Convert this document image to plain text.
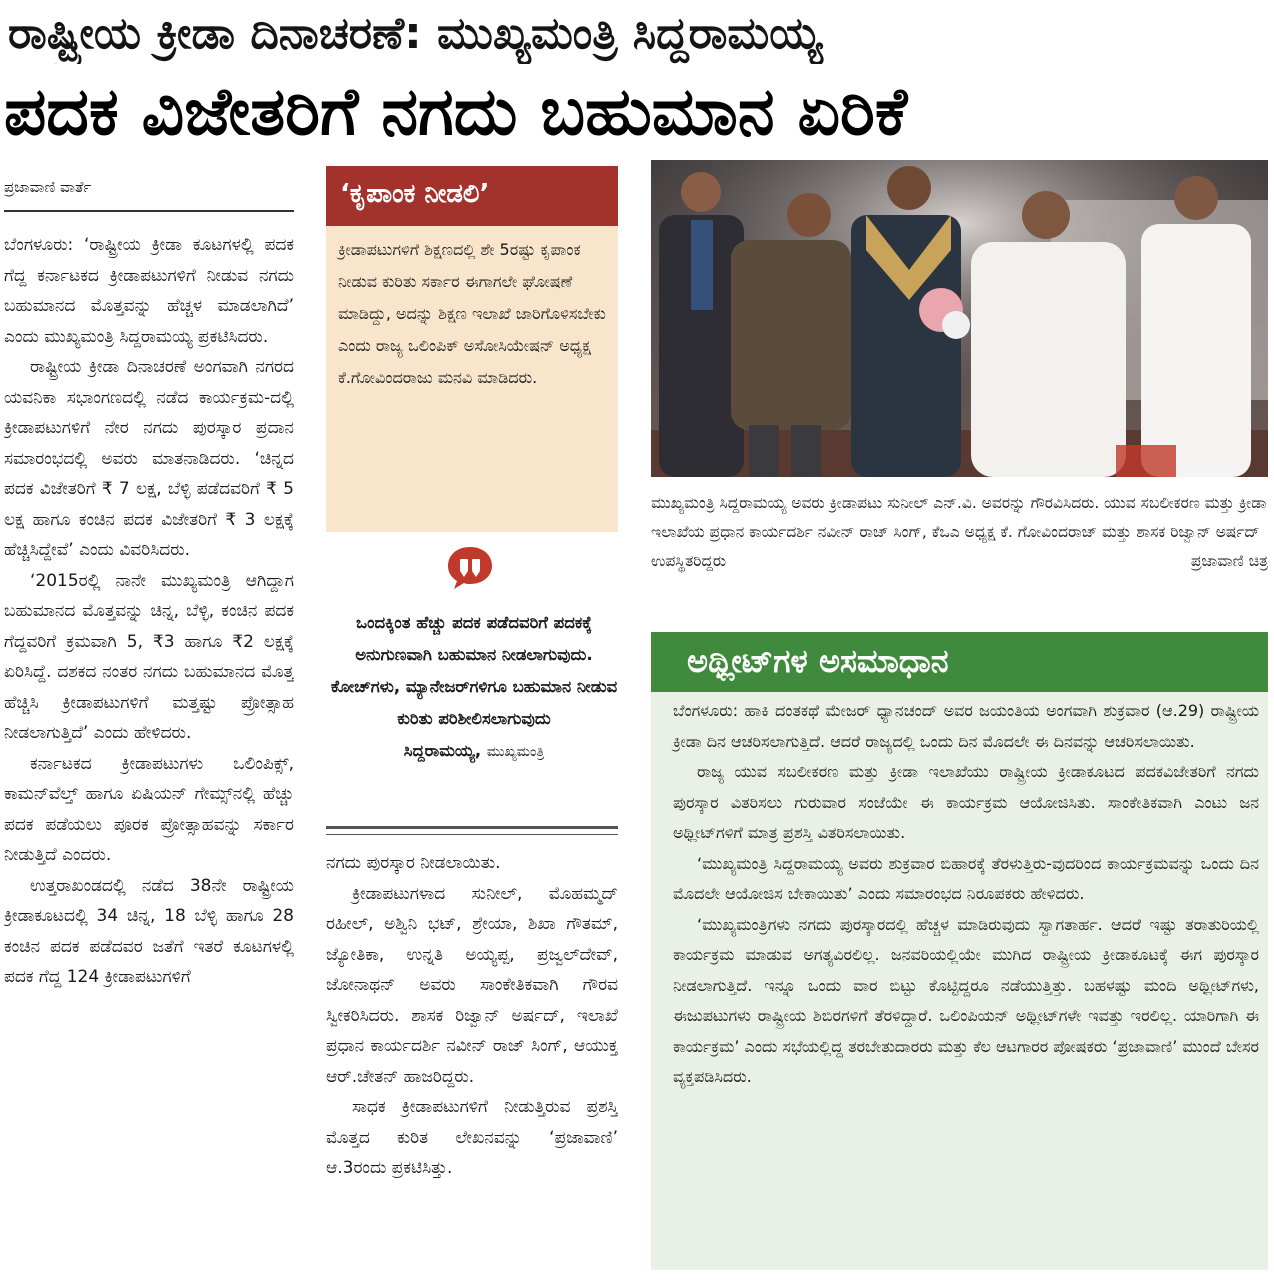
ರಾಷ್ಟ್ರೀಯ ಕ್ರೀಡಾ ದಿನಾಚರಣೆ: ಮುಖ್ಯಮಂತ್ರಿ ಸಿದ್ದರಾಮಯ್ಯ
ಪದಕ ವಿಜೇತರಿಗೆ ನಗದು ಬಹುಮಾನ ಏರಿಕೆ
ಪ್ರಜಾವಾಣಿ ವಾರ್ತೆ

ಬೆಂಗಳೂರು: ‘ರಾಷ್ಟ್ರೀಯ ಕ್ರೀಡಾ ಕೂಟಗಳಲ್ಲಿ ಪದಕ ಗೆದ್ದ ಕರ್ನಾಟಕದ ಕ್ರೀಡಾಪಟುಗಳಿಗೆ ನೀಡುವ ನಗದು ಬಹುಮಾನದ ಮೊತ್ತವನ್ನು ಹೆಚ್ಚಳ ಮಾಡಲಾಗಿದೆ’ ಎಂದು ಮುಖ್ಯಮಂತ್ರಿ ಸಿದ್ದರಾಮಯ್ಯ ಪ್ರಕಟಿಸಿದರು.

ರಾಷ್ಟ್ರೀಯ ಕ್ರೀಡಾ ದಿನಾಚರಣೆ ಅಂಗವಾಗಿ ನಗರದ ಯವನಿಕಾ ಸಭಾಂಗಣದಲ್ಲಿ ನಡೆದ ಕಾರ್ಯಕ್ರಮ-ದಲ್ಲಿ ಕ್ರೀಡಾಪಟುಗಳಿಗೆ ನೇರ ನಗದು ಪುರಸ್ಕಾರ ಪ್ರದಾನ ಸಮಾರಂಭದಲ್ಲಿ ಅವರು ಮಾತನಾಡಿದರು. ‘ಚಿನ್ನದ ಪದಕ ವಿಜೇತರಿಗೆ ₹ 7 ಲಕ್ಷ, ಬೆಳ್ಳಿ ಪಡೆದವರಿಗೆ ₹ 5 ಲಕ್ಷ ಹಾಗೂ ಕಂಚಿನ ಪದಕ ವಿಜೇತರಿಗೆ ₹ 3 ಲಕ್ಷಕ್ಕೆ ಹೆಚ್ಚಿಸಿದ್ದೇವೆ’ ಎಂದು ವಿವರಿಸಿದರು.

‘2015ರಲ್ಲಿ ನಾನೇ ಮುಖ್ಯಮಂತ್ರಿ ಆಗಿದ್ದಾಗ ಬಹುಮಾನದ ಮೊತ್ತವನ್ನು ಚಿನ್ನ, ಬೆಳ್ಳಿ, ಕಂಚಿನ ಪದಕ ಗೆದ್ದವರಿಗೆ ಕ್ರಮವಾಗಿ 5, ₹3 ಹಾಗೂ ₹2 ಲಕ್ಷಕ್ಕೆ ಏರಿಸಿದ್ದೆ. ದಶಕದ ನಂತರ ನಗದು ಬಹುಮಾನದ ಮೊತ್ತ ಹೆಚ್ಚಿಸಿ ಕ್ರೀಡಾಪಟುಗಳಿಗೆ ಮತ್ತಷ್ಟು ಪ್ರೋತ್ಸಾಹ ನೀಡಲಾಗುತ್ತಿದೆ’ ಎಂದು ಹೇಳಿದರು.

ಕರ್ನಾಟಕದ ಕ್ರೀಡಾಪಟುಗಳು ಒಲಿಂಪಿಕ್ಸ್‌, ಕಾಮನ್‌ವೆಲ್ತ್‌ ಹಾಗೂ ಏಷಿಯನ್‌ ಗೇಮ್ಸ್‌ನಲ್ಲಿ ಹೆಚ್ಚು ಪದಕ ಪಡೆಯಲು ಪೂರಕ ಪ್ರೋತ್ಸಾಹವನ್ನು ಸರ್ಕಾರ ನೀಡುತ್ತಿದೆ ಎಂದರು.

ಉತ್ತರಾಖಂಡದಲ್ಲಿ ನಡೆದ 38ನೇ ರಾಷ್ಟ್ರೀಯ ಕ್ರೀಡಾಕೂಟದಲ್ಲಿ 34 ಚಿನ್ನ, 18 ಬೆಳ್ಳಿ ಹಾಗೂ 28 ಕಂಚಿನ ಪದಕ ಪಡೆದವರ ಜತೆಗೆ ಇತರೆ ಕೂಟಗಳಲ್ಲಿ ಪದಕ ಗೆದ್ದ 124 ಕ್ರೀಡಾಪಟುಗಳಿಗೆ

‘ಕೃಪಾಂಕ ನೀಡಲಿ’
ಕ್ರೀಡಾಪಟುಗಳಿಗೆ ಶಿಕ್ಷಣದಲ್ಲಿ ಶೇ 5ರಷ್ಟು ಕೃಪಾಂಕ ನೀಡುವ ಕುರಿತು ಸರ್ಕಾರ ಈಗಾಗಲೇ ಘೋಷಣೆ ಮಾಡಿದ್ದು, ಅದನ್ನು ಶಿಕ್ಷಣ ಇಲಾಖೆ ಜಾರಿಗೊಳಿಸಬೇಕು ಎಂದು ರಾಜ್ಯ ಒಲಿಂಪಿಕ್‌ ಅಸೋಸಿಯೇಷನ್‌ ಅಧ್ಯಕ್ಷ ಕೆ.ಗೋವಿಂದರಾಜು ಮನವಿ ಮಾಡಿದರು.
ಒಂದಕ್ಕಿಂತ ಹೆಚ್ಚು ಪದಕ ಪಡೆದವರಿಗೆ ಪದಕಕ್ಕೆ ಅನುಗುಣವಾಗಿ ಬಹುಮಾನ ನೀಡಲಾಗುವುದು. ಕೋಚ್‌ಗಳು, ಮ್ಯಾನೇಜರ್‌ಗಳಿಗೂ ಬಹುಮಾನ ನೀಡುವ ಕುರಿತು ಪರಿಶೀಲಿಸಲಾಗುವುದು
ಸಿದ್ದರಾಮಯ್ಯ, ಮುಖ್ಯಮಂತ್ರಿ

ನಗದು ಪುರಸ್ಕಾರ ನೀಡಲಾಯಿತು.

ಕ್ರೀಡಾಪಟುಗಳಾದ ಸುನೀಲ್‌, ಮೊಹಮ್ಮದ್‌ ರಹೀಲ್‌, ಅಶ್ವಿನಿ ಭಟ್‌, ಶ್ರೇಯಾ, ಶಿಖಾ ಗೌತಮ್‌, ಜ್ಯೋತಿಕಾ, ಉನ್ನತಿ ಅಯ್ಯಪ್ಪ, ಪ್ರಜ್ವಲ್‌ದೇವ್‌, ಜೋನಾಥನ್‌ ಅವರು ಸಾಂಕೇತಿಕವಾಗಿ ಗೌರವ ಸ್ವೀಕರಿಸಿದರು. ಶಾಸಕ ರಿಜ್ವಾನ್‌ ಅರ್ಷದ್‌, ಇಲಾಖೆ ಪ್ರಧಾನ ಕಾರ್ಯದರ್ಶಿ ನವೀನ್‌ ರಾಜ್‌ ಸಿಂಗ್‌, ಆಯುಕ್ತ ಆರ್‌.ಚೇತನ್‌ ಹಾಜರಿದ್ದರು.

ಸಾಧಕ ಕ್ರೀಡಾಪಟುಗಳಿಗೆ ನೀಡುತ್ತಿರುವ ಪ್ರಶಸ್ತಿ ಮೊತ್ತದ ಕುರಿತ ಲೇಖನವನ್ನು ‘ಪ್ರಜಾವಾಣಿ’ ಆ.3ರಂದು ಪ್ರಕಟಿಸಿತ್ತು.

ಮುಖ್ಯಮಂತ್ರಿ ಸಿದ್ದರಾಮಯ್ಯ ಅವರು ಕ್ರೀಡಾಪಟು ಸುನೀಲ್ ಎನ್‌.ವಿ. ಅವರನ್ನು ಗೌರವಿಸಿದರು. ಯುವ ಸಬಲೀಕರಣ ಮತ್ತು ಕ್ರೀಡಾ ಇಲಾಖೆಯ ಪ್ರಧಾನ ಕಾರ್ಯದರ್ಶಿ ನವೀನ್ ರಾಜ್ ಸಿಂಗ್, ಕೆಒಎ ಅಧ್ಯಕ್ಷ ಕೆ. ಗೋವಿಂದರಾಜ್ ಮತ್ತು ಶಾಸಕ ರಿಜ್ವಾನ್ ಅರ್ಷದ್ ಉಪಸ್ಥಿತರಿದ್ದರು	ಪ್ರಜಾವಾಣಿ ಚಿತ್ರ
ಅಥ್ಲೀಟ್‌ಗಳ ಅಸಮಾಧಾನ

ಬೆಂಗಳೂರು: ಹಾಕಿ ದಂತಕಥೆ ಮೇಜರ್ ಧ್ಯಾನಚಂದ್ ಅವರ ಜಯಂತಿಯ ಅಂಗವಾಗಿ ಶುಕ್ರವಾರ (ಆ.29) ರಾಷ್ಟ್ರೀಯ ಕ್ರೀಡಾ ದಿನ ಆಚರಿಸಲಾಗುತ್ತಿದೆ. ಆದರೆ ರಾಜ್ಯದಲ್ಲಿ ಒಂದು ದಿನ ಮೊದಲೇ ಈ ದಿನವನ್ನು ಆಚರಿಸಲಾಯಿತು.

ರಾಜ್ಯ ಯುವ ಸಬಲೀಕರಣ ಮತ್ತು ಕ್ರೀಡಾ ಇಲಾಖೆಯು ರಾಷ್ಟ್ರೀಯ ಕ್ರೀಡಾಕೂಟದ ಪದಕವಿಜೇತರಿಗೆ ನಗದು ಪುರಸ್ಕಾರ ವಿತರಿಸಲು ಗುರುವಾರ ಸಂಜೆಯೇ ಈ ಕಾರ್ಯಕ್ರಮ ಆಯೋಜಿಸಿತು. ಸಾಂಕೇತಿಕವಾಗಿ ಎಂಟು ಜನ ಅಥ್ಲೀಟ್‌ಗಳಿಗೆ ಮಾತ್ರ ಪ್ರಶಸ್ತಿ ವಿತರಿಸಲಾಯಿತು.

‘ಮುಖ್ಯಮಂತ್ರಿ ಸಿದ್ದರಾಮಯ್ಯ ಅವರು ಶುಕ್ರವಾರ ಬಿಹಾರಕ್ಕೆ ತೆರಳುತ್ತಿರು-ವುದರಿಂದ ಕಾರ್ಯಕ್ರಮವನ್ನು ಒಂದು ದಿನ ಮೊದಲೇ ಆಯೋಜಿಸ ಬೇಕಾಯಿತು’ ಎಂದು ಸಮಾರಂಭದ ನಿರೂಪಕರು ಹೇಳಿದರು.

‘ಮುಖ್ಯಮಂತ್ರಿಗಳು ನಗದು ಪುರಸ್ಕಾರದಲ್ಲಿ ಹೆಚ್ಚಳ ಮಾಡಿರುವುದು ಸ್ವಾಗತಾರ್ಹ. ಆದರೆ ಇಷ್ಟು ತರಾತುರಿಯಲ್ಲಿ ಕಾರ್ಯಕ್ರಮ ಮಾಡುವ ಅಗತ್ಯವಿರಲಿಲ್ಲ. ಜನವರಿಯಲ್ಲಿಯೇ ಮುಗಿದ ರಾಷ್ಟ್ರೀಯ ಕ್ರೀಡಾಕೂಟಕ್ಕೆ ಈಗ ಪುರಸ್ಕಾರ ನೀಡಲಾಗುತ್ತಿದೆ. ಇನ್ನೂ ಒಂದು ವಾರ ಬಿಟ್ಟು ಕೊಟ್ಟಿದ್ದರೂ ನಡೆಯುತ್ತಿತ್ತು. ಬಹಳಷ್ಟು ಮಂದಿ ಅಥ್ಲೀಟ್‌ಗಳು, ಈಜುಪಟುಗಳು ರಾಷ್ಟ್ರೀಯ ಶಿಬಿರಗಳಿಗೆ ತೆರಳಿದ್ದಾರೆ. ಒಲಿಂಪಿಯನ್ ಅಥ್ಲೀಟ್‌ಗಳೇ ಇವತ್ತು ಇರಲಿಲ್ಲ. ಯಾರಿಗಾಗಿ ಈ ಕಾರ್ಯಕ್ರಮ’ ಎಂದು ಸಭೆಯಲ್ಲಿದ್ದ ತರಬೇತುದಾರರು ಮತ್ತು ಕೆಲ ಆಟಗಾರರ ಪೋಷಕರು ‘ಪ್ರಜಾವಾಣಿ’ ಮುಂದೆ ಬೇಸರ ವ್ಯಕ್ತಪಡಿಸಿದರು.
